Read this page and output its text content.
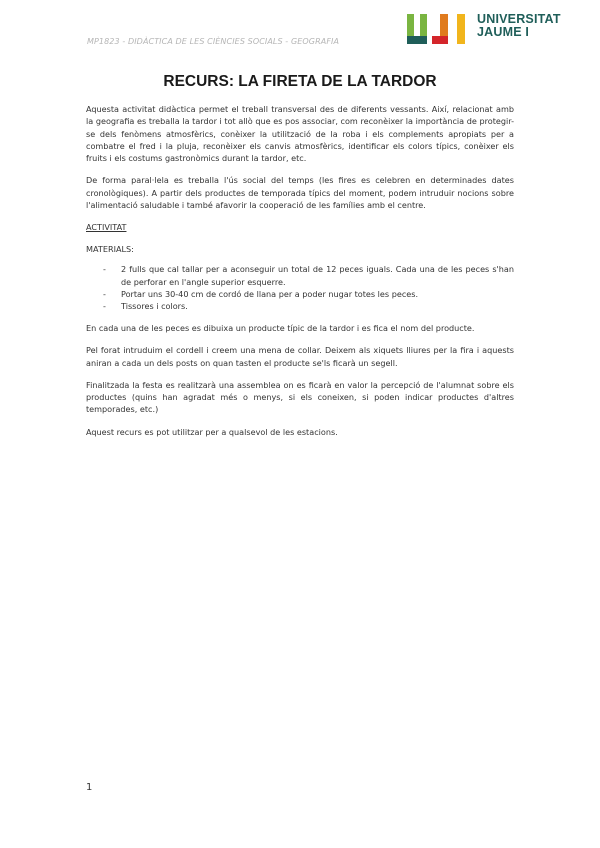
MP1823 - DIDÀCTICA DE LES CIÈNCIES SOCIALS - GEOGRAFIA
UNIVERSITAT
JAUME I
RECURS: LA FIRETA DE LA TARDOR

Aquesta activitat didàctica permet el treball transversal des de diferents vessants. Així, relacionat amb la geografia es treballa la tardor i tot allò que es pos associar, com reconèixer la importància de protegir-se dels fenòmens atmosfèrics, conèixer la utilització de la roba i els complements apropiats per a combatre el fred i la pluja, reconèixer els canvis atmosfèrics, identificar els colors típics, conèixer els fruits i els costums gastronòmics durant la tardor, etc.

De forma paral·lela es treballa l'ús social del temps (les fires es celebren en determinades dates cronològiques). A partir dels productes de temporada típics del moment, podem intruduir nocions sobre l'alimentació saludable i també afavorir la cooperació de les famílies amb el centre.

ACTIVITAT
MATERIALS:
- 2 fulls que cal tallar per a aconseguir un total de 12 peces iguals. Cada una de les peces s'han de perforar en l'angle superior esquerre.
- Portar uns 30-40 cm de cordó de llana per a poder nugar totes les peces.
- Tissores i colors.

En cada una de les peces es dibuixa un producte típic de la tardor i es fica el nom del producte.

Pel forat intruduim el cordell i creem una mena de collar. Deixem als xiquets lliures per la fira i aquests aniran a cada un dels posts on quan tasten el producte se'ls ficarà un segell.

Finalitzada la festa es realitzarà una assemblea on es ficarà en valor la percepció de l'alumnat sobre els productes (quins han agradat més o menys, si els coneixen, si poden indicar productes d'altres temporades, etc.)

Aquest recurs es pot utilitzar per a qualsevol de les estacions.

1
